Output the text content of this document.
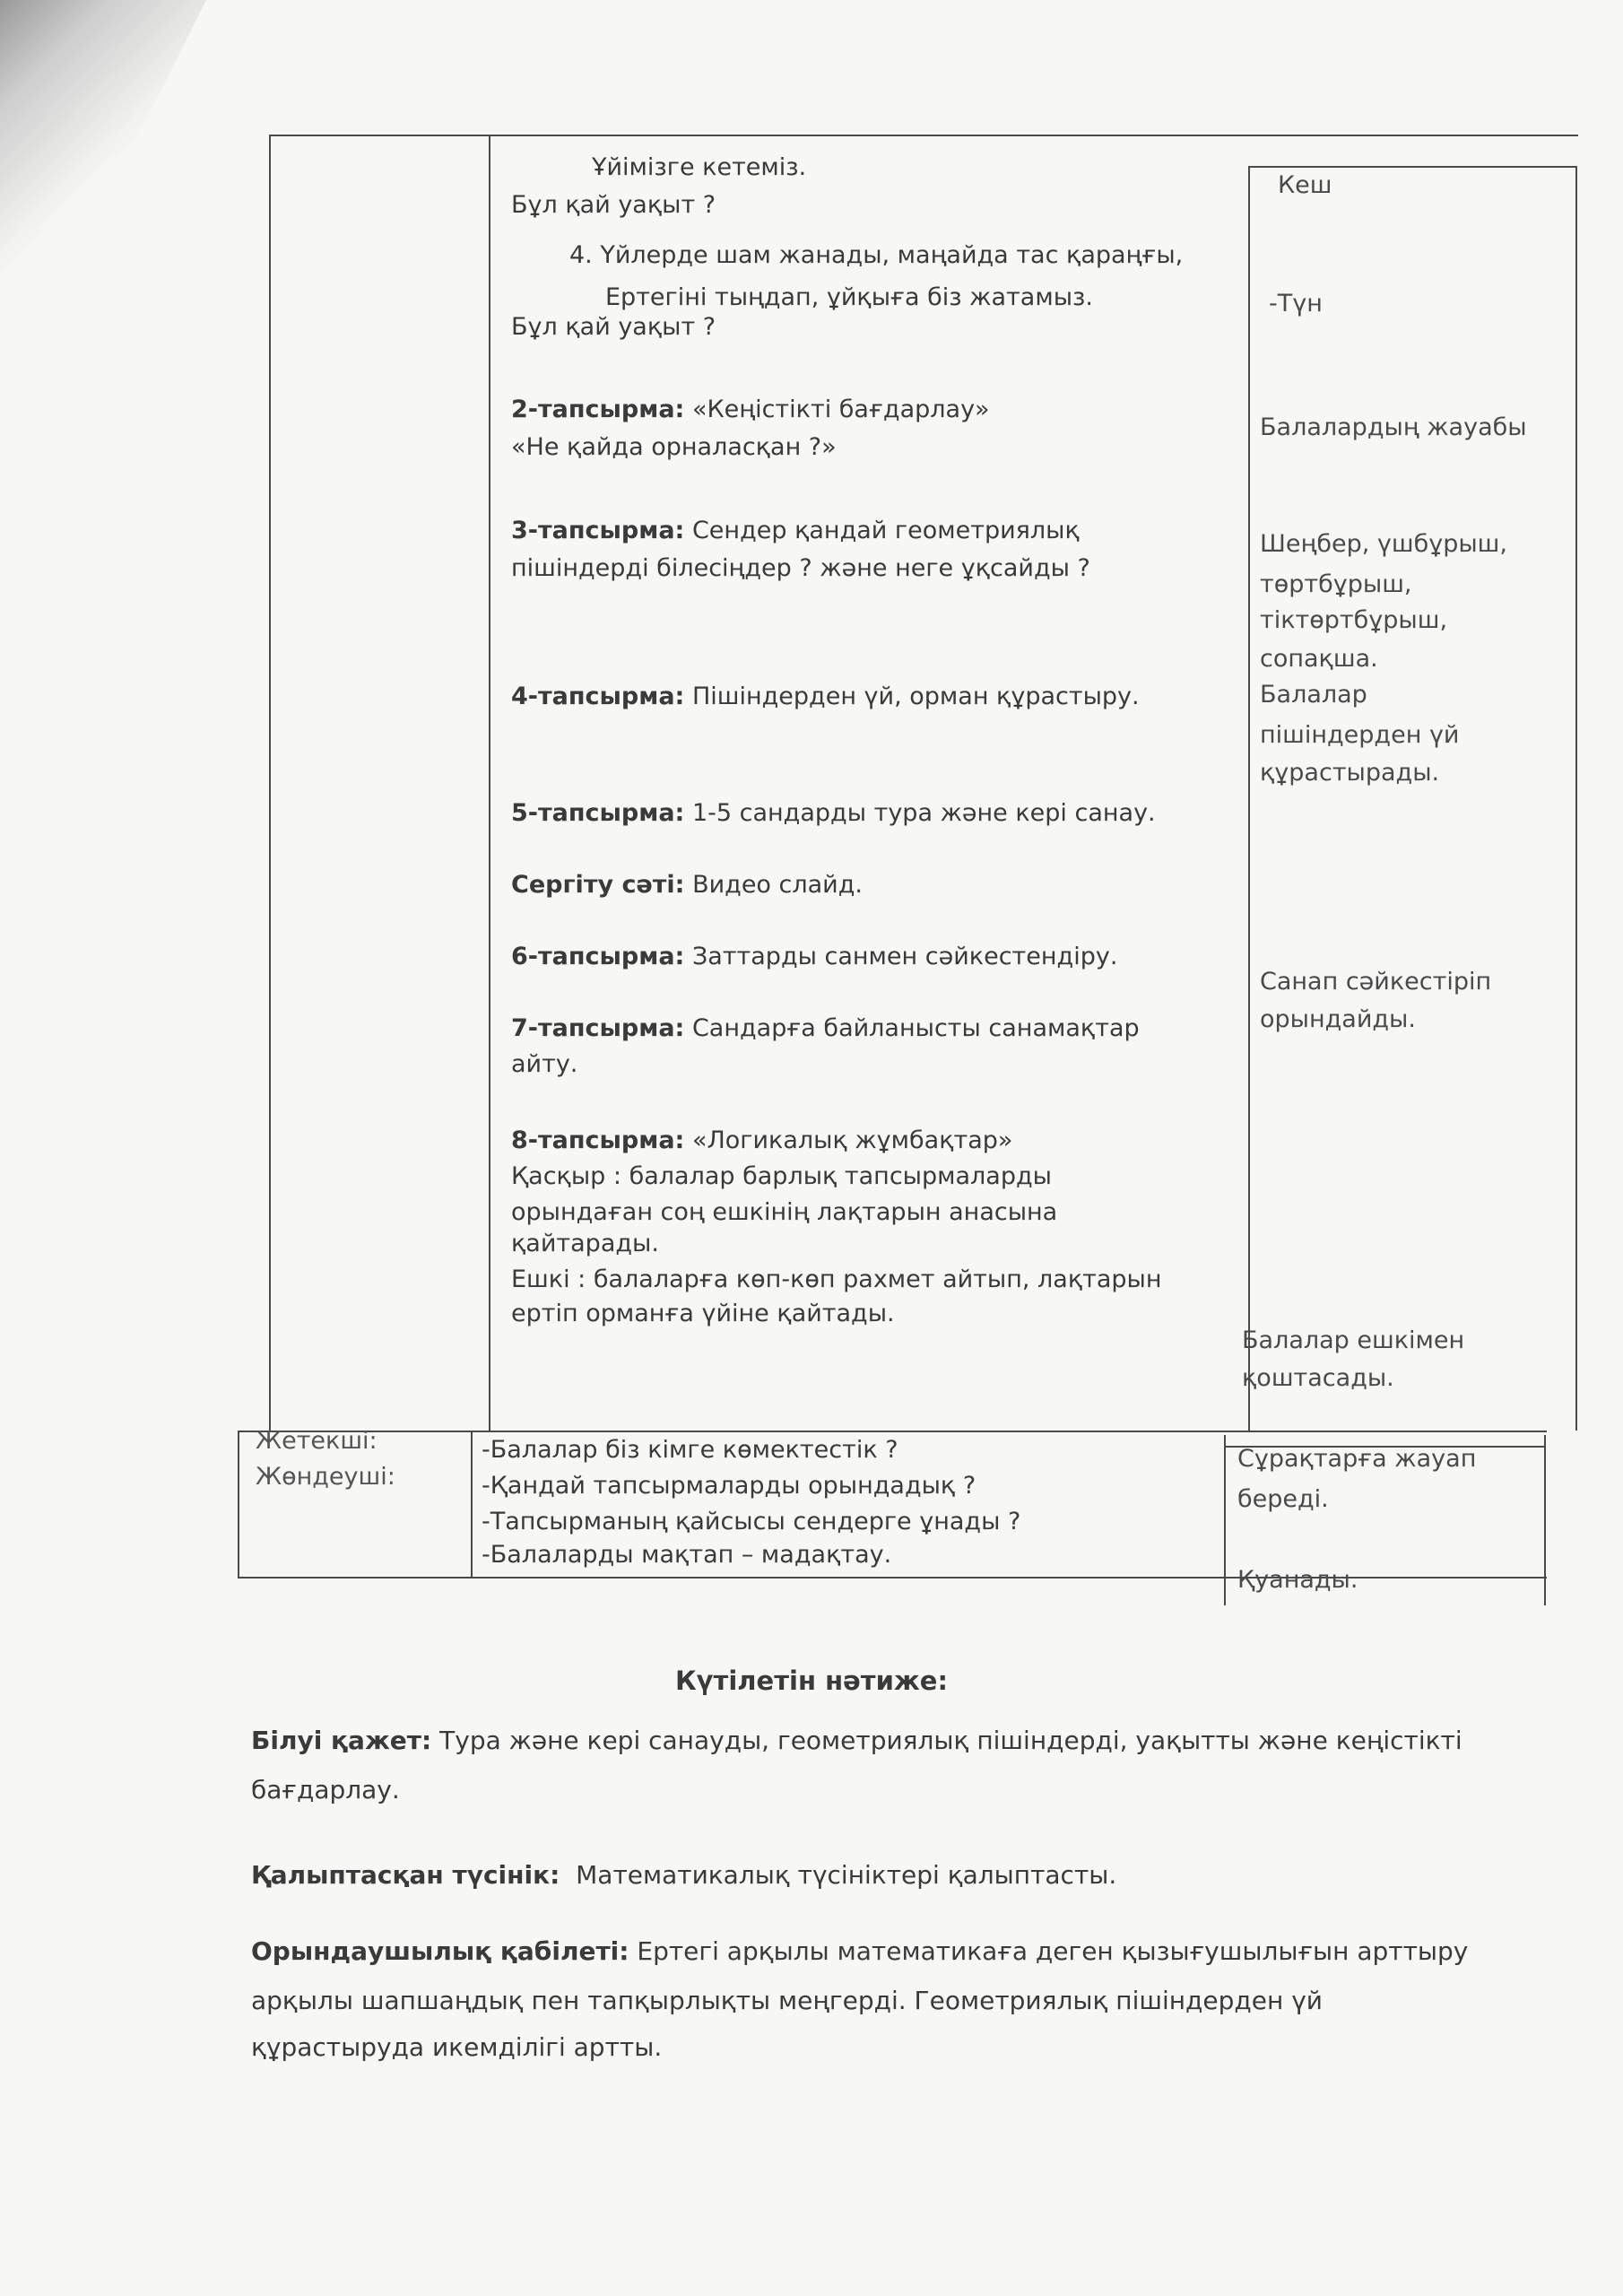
Ұйімізге кетеміз.
Бұл қай уақыт ?
4. Үйлерде шам жанады, маңайда тас қараңғы,
Ертегіні тыңдап, ұйқыға біз жатамыз.
Бұл қай уақыт ?
2-тапсырма: «Кеңістікті бағдарлау»
«Не қайда орналасқан ?»
3-тапсырма: Сендер қандай геометриялық
пішіндерді білесіңдер ? және неге ұқсайды ?
4-тапсырма: Пішіндерден үй, орман құрастыру.
5-тапсырма: 1-5 сандарды тура және кері санау.
Сергіту сәті: Видео слайд.
6-тапсырма: Заттарды санмен сәйкестендіру.
7-тапсырма: Сандарға байланысты санамақтар
айту.
8-тапсырма: «Логикалық жұмбақтар»
Қасқыр : балалар барлық тапсырмаларды
орындаған соң ешкінің лақтарын анасына
қайтарады.
Ешкі : балаларға көп-көп рахмет айтып, лақтарын
ертіп орманға үйіне қайтады.
Кеш
-Түн
Балалардың жауабы
Шеңбер, үшбұрыш,
төртбұрыш,
тіктөртбұрыш,
сопақша.
Балалар
пішіндерден үй
құрастырады.
Санап сәйкестіріп
орындайды.
Балалар ешкімен
қоштасады.
Жетекші:
Жөндеуші:
-Балалар біз кімге көмектестік ?
-Қандай тапсырмаларды орындадық ?
-Тапсырманың қайсысы сендерге ұнады ?
-Балаларды мақтап – мадақтау.
Сұрақтарға жауап
береді.
Қуанады.
Күтілетін нәтиже:
Білуі қажет: Тура және кері санауды, геометриялық пішіндерді, уақытты және кеңістікті
бағдарлау.
Қалыптасқан түсінік: Математикалық түсініктері қалыптасты.
Орындаушылық қабілеті: Ертегі арқылы математикаға деген қызығушылығын арттыру
арқылы шапшаңдық пен тапқырлықты меңгерді. Геометриялық пішіндерден үй
құрастыруда икемділігі артты.
